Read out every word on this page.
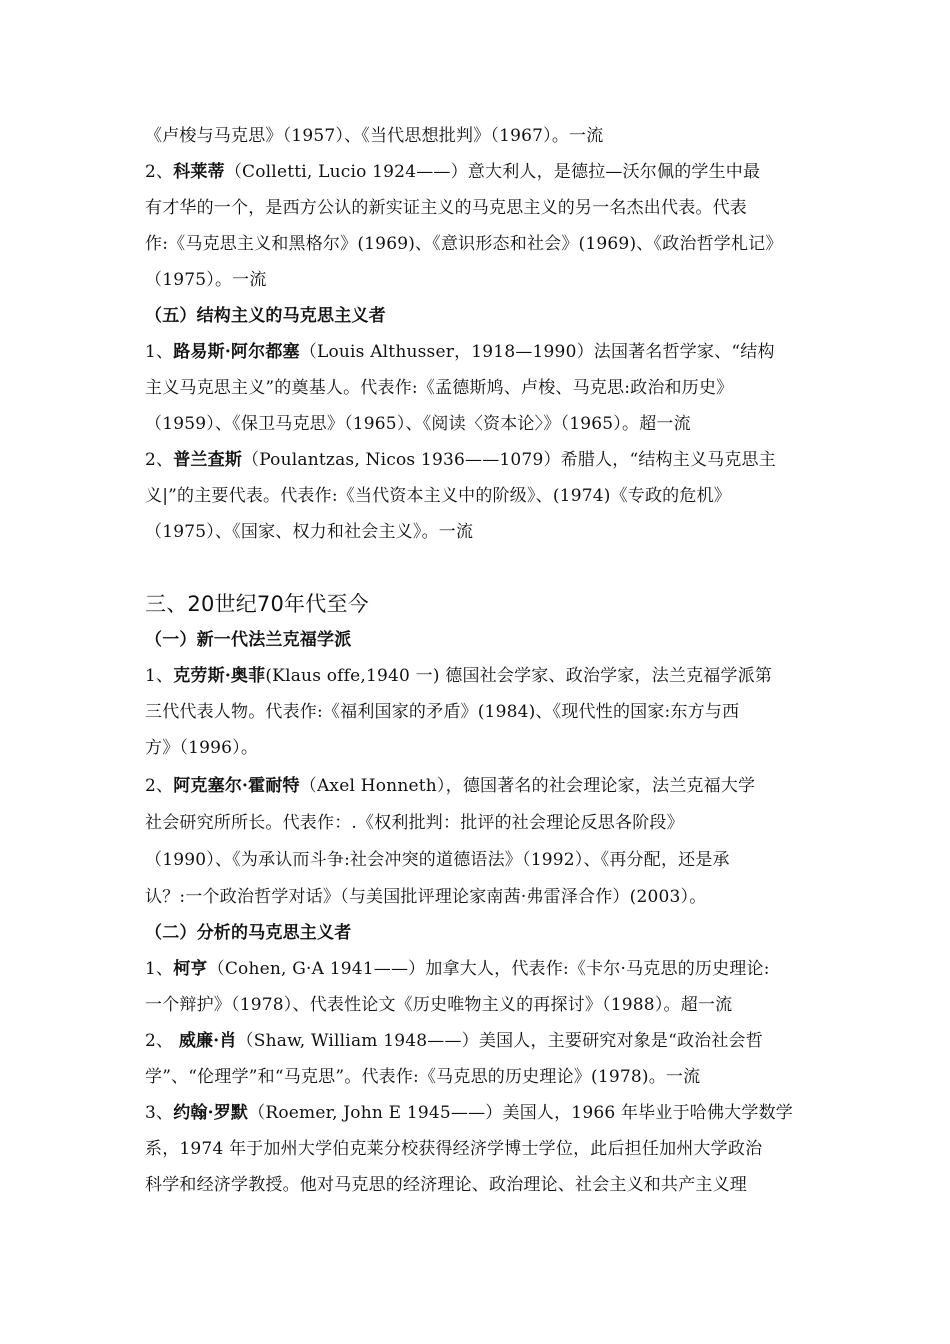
《卢梭与马克思》（1957）、《当代思想批判》（1967）。一流
2、科莱蒂（Colletti, Lucio 1924——）意大利人，是德拉—沃尔佩的学生中最
有才华的一个，是西方公认的新实证主义的马克思主义的另一名杰出代表。代表
作:《马克思主义和黑格尔》(1969)、《意识形态和社会》(1969)、《政治哲学札记》
（1975）。一流
（五）结构主义的马克思主义者
1、路易斯·阿尔都塞（Louis Althusser，1918—1990）法国著名哲学家、“结构
主义马克思主义”的奠基人。代表作:《孟德斯鸠、卢梭、马克思:政治和历史》
（1959）、《保卫马克思》（1965）、《阅读〈资本论〉》（1965）。超一流
2、普兰查斯（Poulantzas, Nicos 1936——1079）希腊人，“结构主义马克思主
义|”的主要代表。代表作:《当代资本主义中的阶级》、(1974)《专政的危机》
（1975）、《国家、权力和社会主义》。一流
三、20世纪70年代至今
（一）新一代法兰克福学派
1、克劳斯·奥菲(Klaus offe,1940 一) 德国社会学家、政治学家，法兰克福学派第
三代代表人物。代表作:《福利国家的矛盾》(1984)、《现代性的国家:东方与西
方》（1996）。
2、阿克塞尔·霍耐特（Axel Honneth），德国著名的社会理论家，法兰克福大学
社会研究所所长。代表作：.《权利批判：批评的社会理论反思各阶段》
（1990）、《为承认而斗争:社会冲突的道德语法》（1992）、《再分配，还是承
认？:一个政治哲学对话》（与美国批评理论家南茜·弗雷泽合作）(2003）。
（二）分析的马克思主义者
1、柯亨（Cohen, G·A 1941——）加拿大人，代表作:《卡尔·马克思的历史理论:
一个辩护》（1978）、代表性论文《历史唯物主义的再探讨》（1988）。超一流
2、 威廉·肖（Shaw, William 1948——）美国人，主要研究对象是“政治社会哲
学”、“伦理学”和“马克思”。代表作:《马克思的历史理论》(1978)。一流
3、约翰·罗默（Roemer, John E 1945——）美国人，1966 年毕业于哈佛大学数学
系，1974 年于加州大学伯克莱分校获得经济学博士学位，此后担任加州大学政治
科学和经济学教授。他对马克思的经济理论、政治理论、社会主义和共产主义理
